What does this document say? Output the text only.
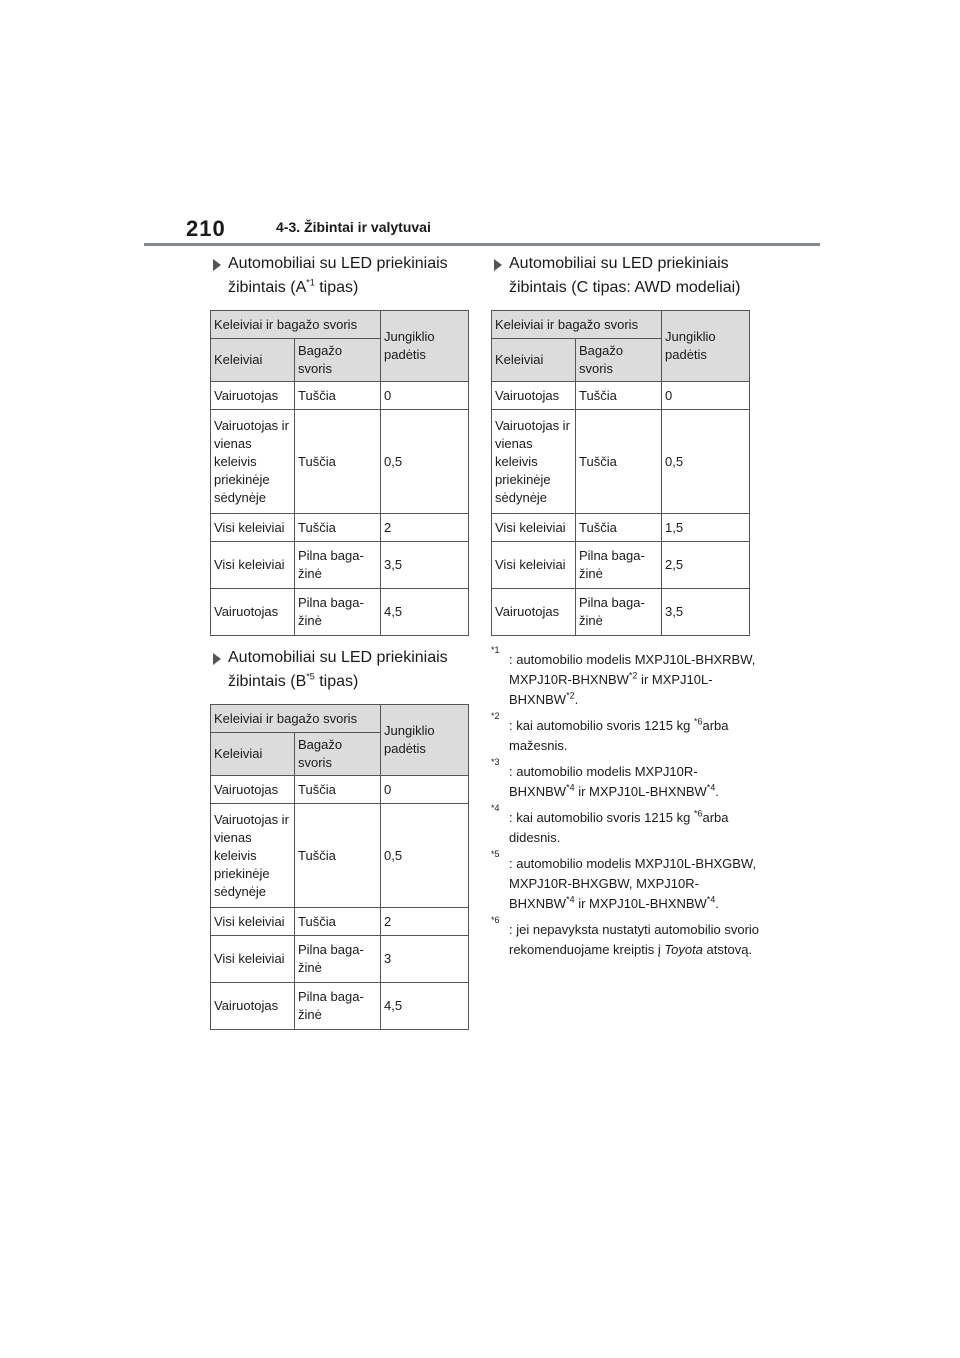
210	4-3. Žibintai ir valytuvai
Automobiliai su LED priekiniais
žibintais ($A^{*1}$ tipas)
Keleiviai ir bagažo svoris		Jungiklio padėtis
Keleiviai	Bagažo svoris	
Vairuotojas	Tuščia	0
Vairuotojas ir vienas keleivis priekinėje sėdynėje	Tuščia	0,5
Visi keleiviai	Tuščia	2
Visi keleiviai	Pilna baga-žinė	3,5
Vairuotojas	Pilna baga-žinė	4,5
Automobiliai su LED priekiniais
žibintais ($B^{*5}$ tipas)
Keleiviai ir bagažo svoris		Jungiklio padėtis
Keleiviai	Bagažo svoris	
Vairuotojas	Tuščia	0
Vairuotojas ir vienas keleivis priekinėje sėdynėje	Tuščia	0,5
Visi keleiviai	Tuščia	2
Visi keleiviai	Pilna baga-žinė	3
Vairuotojas	Pilna baga-žinė	4,5
Automobiliai su LED priekiniais
žibintais (C tipas: AWD modeliai)
Keleiviai ir bagažo svoris		Jungiklio padėtis
Keleiviai	Bagažo svoris	
Vairuotojas	Tuščia	0
Vairuotojas ir vienas keleivis priekinėje sėdynėje	Tuščia	0,5
Visi keleiviai	Tuščia	1,5
Visi keleiviai	Pilna baga-žinė	2,5
Vairuotojas	Pilna baga-žinė	3,5
*1
: automobilio modelis MXPJ10L-BHXRBW, MXPJ10R-BHXNBW$^{*2}$ ir MXPJ10L-BHXNBW$^{*2}$.
*2
: kai automobilio svoris 1215 kg $^{*6}$arba mažesnis.
*3
: automobilio modelis MXPJ10R-BHXNBW$^{*4}$ ir MXPJ10L-BHXNBW$^{*4}$.
*4
: kai automobilio svoris 1215 kg $^{*6}$arba didesnis.
*5
: automobilio modelis MXPJ10L-BHXGBW, MXPJ10R-BHXGBW, MXPJ10R-BHXNBW$^{*4}$ ir MXPJ10L-BHXNBW$^{*4}$.
*6
: jei nepavyksta nustatyti automobilio svorio rekomenduojame kreiptis į Toyota atstovą.
